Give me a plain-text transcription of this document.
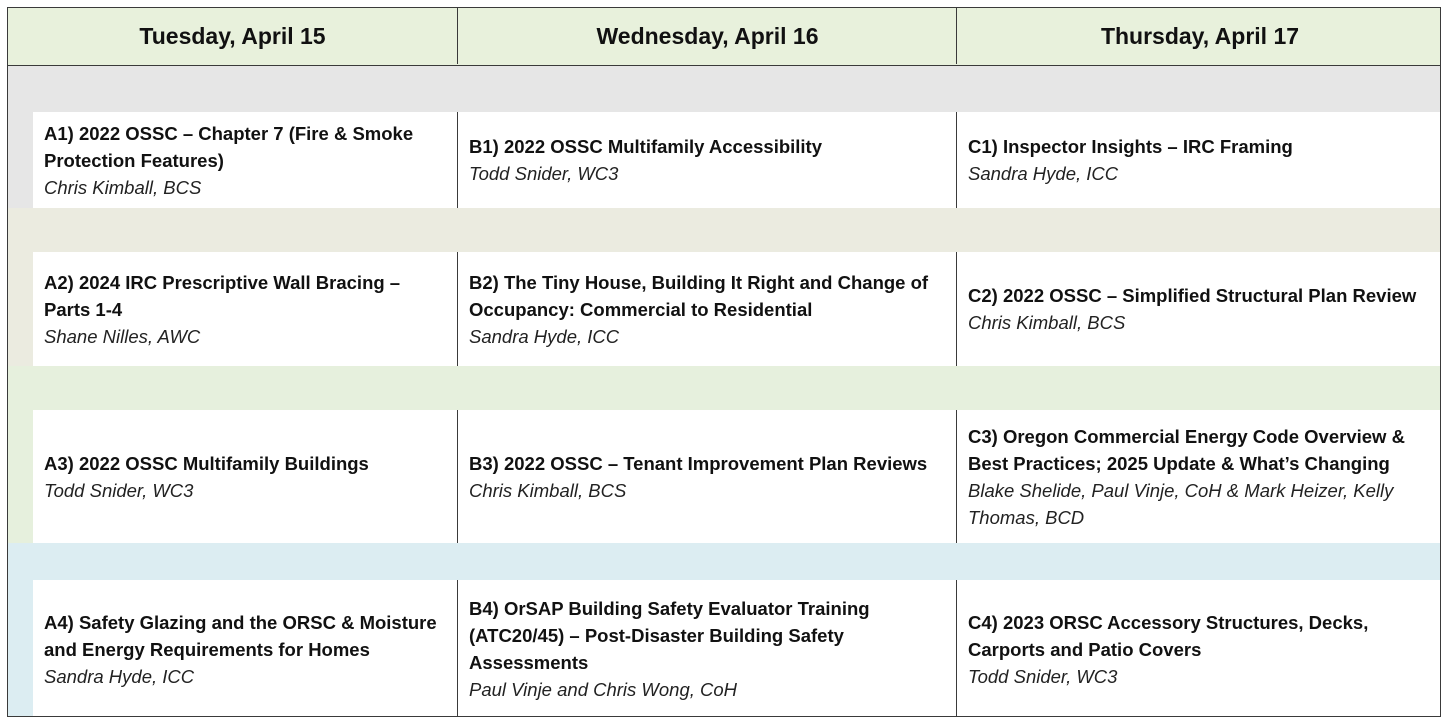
Tuesday, April 15	Wednesday, April 16	Thursday, April 17
A1) 2022 OSSC – Chapter 7 (Fire & Smoke Protection Features)
Chris Kimball, BCS
B1) 2022 OSSC Multifamily Accessibility
Todd Snider, WC3
C1) Inspector Insights – IRC Framing
Sandra Hyde, ICC
A2) 2024 IRC Prescriptive Wall Bracing – Parts 1-4
Shane Nilles, AWC
B2) The Tiny House, Building It Right and Change of Occupancy: Commercial to Residential
Sandra Hyde, ICC
C2) 2022 OSSC – Simplified Structural Plan Review
Chris Kimball, BCS
A3) 2022 OSSC Multifamily Buildings
Todd Snider, WC3
B3) 2022 OSSC – Tenant Improvement Plan Reviews
Chris Kimball, BCS
C3) Oregon Commercial Energy Code Overview & Best Practices; 2025 Update & What’s Changing
Blake Shelide, Paul Vinje, CoH & Mark Heizer, Kelly Thomas, BCD
A4) Safety Glazing and the ORSC & Moisture and Energy Requirements for Homes
Sandra Hyde, ICC
B4) OrSAP Building Safety Evaluator Training (ATC20/45) – Post-Disaster Building Safety Assessments
Paul Vinje and Chris Wong, CoH
C4) 2023 ORSC Accessory Structures, Decks, Carports and Patio Covers
Todd Snider, WC3
